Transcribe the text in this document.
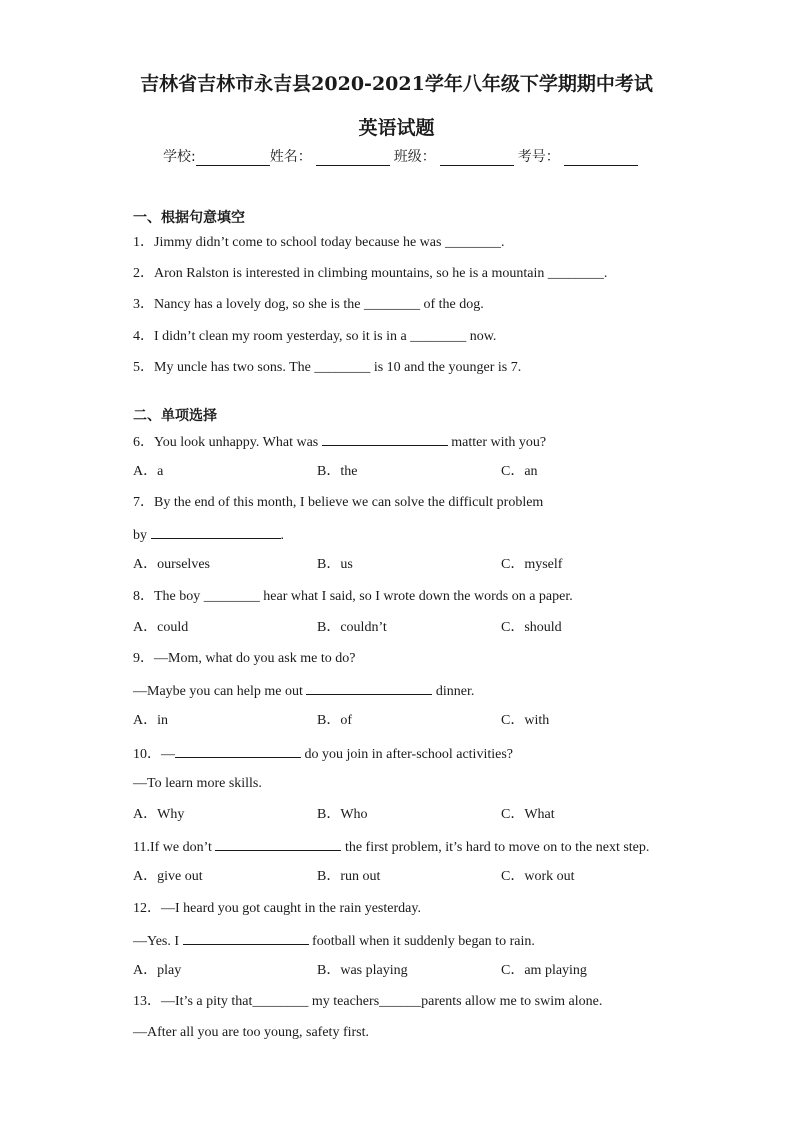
吉林省吉林市永吉县2020-2021学年八年级下学期期中考试
英语试题
学校:	姓名：	班级：	考号：
一、根据句意填空
1．Jimmy didn’t come to school today because he was ________.
2．Aron Ralston is interested in climbing mountains, so he is a mountain ________.
3．Nancy has a lovely dog, so she is the ________ of the dog.
4．I didn’t clean my room yesterday, so it is in a ________ now.
5．My uncle has two sons. The ________ is 10 and the younger is 7.
二、单项选择
6．You look unhappy. What was	matter with you?
A．a	B．the	C．an
7．By the end of this month, I believe we can solve the difficult problem
by	.
A．ourselves	B．us	C．myself
8．The boy ________ hear what I said, so I wrote down the words on a paper.
A．could	B．couldn’t	C．should
9．—Mom, what do you ask me to do?
—Maybe you can help me out	dinner.
A．in	B．of	C．with
10．—	do you join in after-school activities?
—To learn more skills.
A．Why	B．Who	C．What
11.If we don’t	the first problem, it’s hard to move on to the next step.
A．give out	B．run out	C．work out
12．—I heard you got caught in the rain yesterday.
—Yes. I	football when it suddenly began to rain.
A．play	B．was playing	C．am playing
13．—It’s a pity that________ my teachers______parents allow me to swim alone.
—After all you are too young, safety first.
